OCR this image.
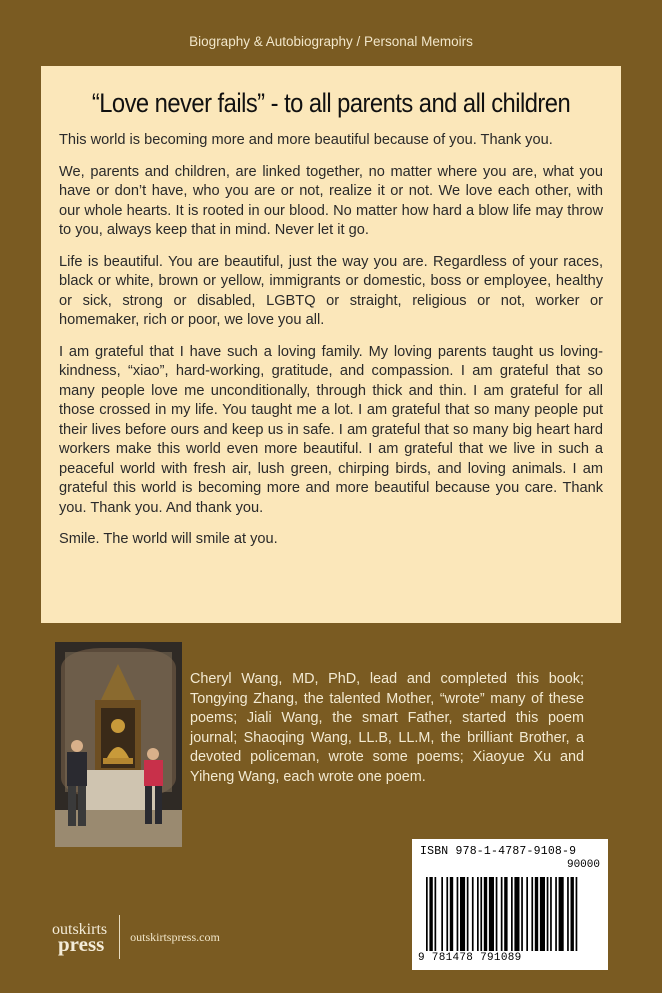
Biography & Autobiography / Personal Memoirs
“Love never fails” - to all parents and all children

This world is becoming more and more beautiful because of you. Thank you.

We, parents and children, are linked together, no matter where you are, what you have or don’t have, who you are or not, realize it or not. We love each other, with our whole hearts. It is rooted in our blood. No matter how hard a blow life may throw to you, always keep that in mind. Never let it go.

Life is beautiful. You are beautiful, just the way you are. Regardless of your races, black or white, brown or yellow, immigrants or domestic, boss or employee, healthy or sick, strong or disabled, LGBTQ or straight, religious or not, worker or homemaker, rich or poor, we love you all.

I am grateful that I have such a loving family. My loving parents taught us loving-kindness, “xiao”, hard-working, gratitude, and compassion. I am grateful that so many people love me unconditionally, through thick and thin. I am grateful for all those crossed in my life. You taught me a lot. I am grateful that so many people put their lives before ours and keep us in safe. I am grateful that so many big heart hard workers make this world even more beautiful. I am grateful that we live in such a peaceful world with fresh air, lush green, chirping birds, and loving animals. I am grateful this world is becoming more and more beautiful because you care. Thank you. Thank you. And thank you.

Smile. The world will smile at you.

Cheryl Wang, MD, PhD, lead and completed this book; Tongying Zhang, the talented Mother, “wrote” many of these poems; Jiali Wang, the smart Father, started this poem journal; Shaoqing Wang, LL.B, LL.M, the brilliant Brother, a devoted policeman, wrote some poems; Xiaoyue Xu and Yiheng Wang, each wrote one poem.
ISBN 978-1-4787-9108-9
90000
9 781478 791089
outskirts
press outskirtspress.com
